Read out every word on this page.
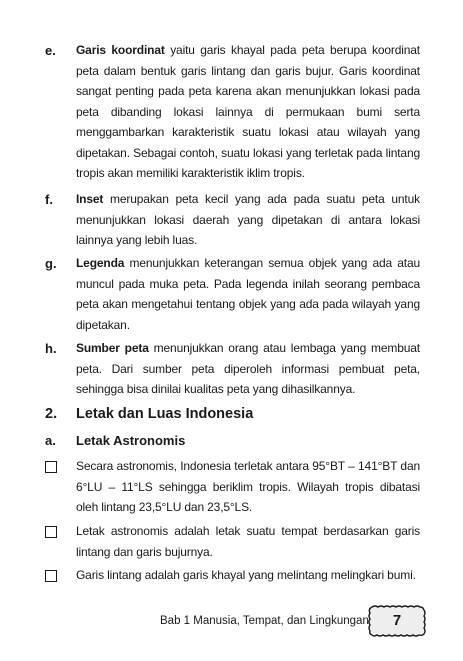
e. Garis koordinat yaitu garis khayal pada peta berupa koordinat peta dalam bentuk garis lintang dan garis bujur. Garis koordinat sangat penting pada peta karena akan menunjukkan lokasi pada peta dibanding lokasi lainnya di permukaan bumi serta menggambarkan karakteristik suatu lokasi atau wilayah yang dipetakan. Sebagai contoh, suatu lokasi yang terletak pada lintang tropis akan memiliki karakteristik iklim tropis.
f. Inset merupakan peta kecil yang ada pada suatu peta untuk menunjukkan lokasi daerah yang dipetakan di antara lokasi lainnya yang lebih luas.
g. Legenda menunjukkan keterangan semua objek yang ada atau muncul pada muka peta. Pada legenda inilah seorang pembaca peta akan mengetahui tentang objek yang ada pada wilayah yang dipetakan.
h. Sumber peta menunjukkan orang atau lembaga yang membuat peta. Dari sumber peta diperoleh informasi pembuat peta, sehingga bisa dinilai kualitas peta yang dihasilkannya.
2. Letak dan Luas Indonesia
a. Letak Astronomis
Secara astronomis, Indonesia terletak antara 95°BT – 141°BT dan 6°LU – 11°LS sehingga beriklim tropis. Wilayah tropis dibatasi oleh lintang 23,5°LU dan 23,5°LS.
Letak astronomis adalah letak suatu tempat berdasarkan garis lintang dan garis bujurnya.
Garis lintang adalah garis khayal yang melintang melingkari bumi.
Bab 1 Manusia, Tempat, dan Lingkungan	7
